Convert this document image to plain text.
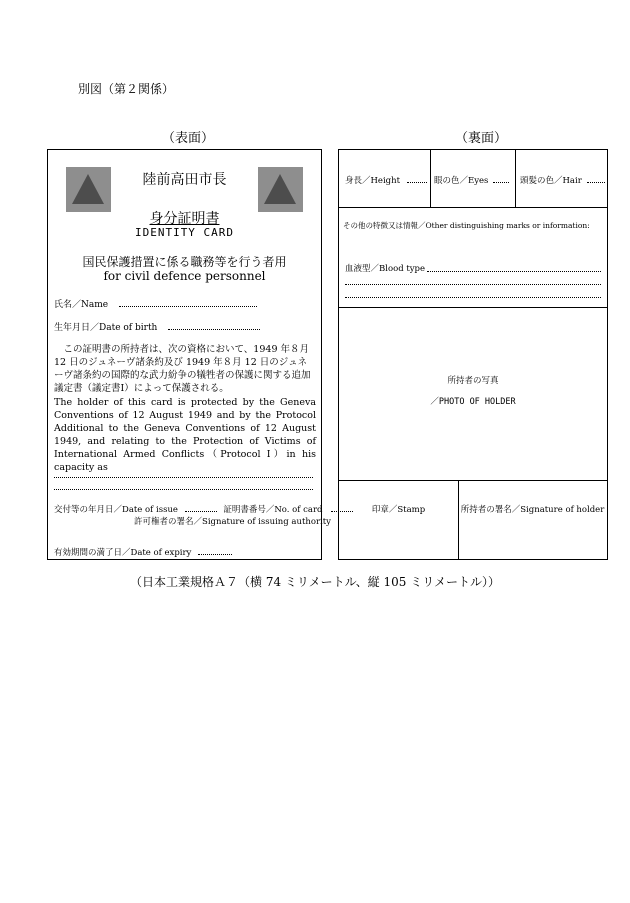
別図（第２関係）
（表面）	（裏面）
陸前高田市長
身分証明書
IDENTITY CARD
国民保護措置に係る職務等を行う者用
for civil defence personnel
氏名／Name
生年月日／Date of birth
この証明書の所持者は、次の資格において、1949 年８月 12 日のジュネーヴ諸条約及び 1949 年８月 12 日のジュネーヴ諸条約の国際的な武力紛争の犠牲者の保護に関する追加議定書（議定書Ⅰ）によって保護される。
The holder of this card is protected by the Geneva Conventions of 12 August 1949 and by the Protocol Additional to the Geneva Conventions of 12 August 1949, and relating to the Protection of Victims of International Armed Conflicts（Protocol Ⅰ）in his capacity as
交付等の年月日／Date of issue	証明書番号／No. of card
許可権者の署名／Signature of issuing authority
有効期間の満了日／Date of expiry
身長／Height	眼の色／Eyes	頭髪の色／Hair
その他の特徴又は情報／Other distinguishing marks or information:
血液型／Blood type
所持者の写真
／PHOTO OF HOLDER
印章／Stamp	所持者の署名／Signature of holder
（日本工業規格Ａ７（横 74 ミリメートル、縦 105 ミリメートル））
